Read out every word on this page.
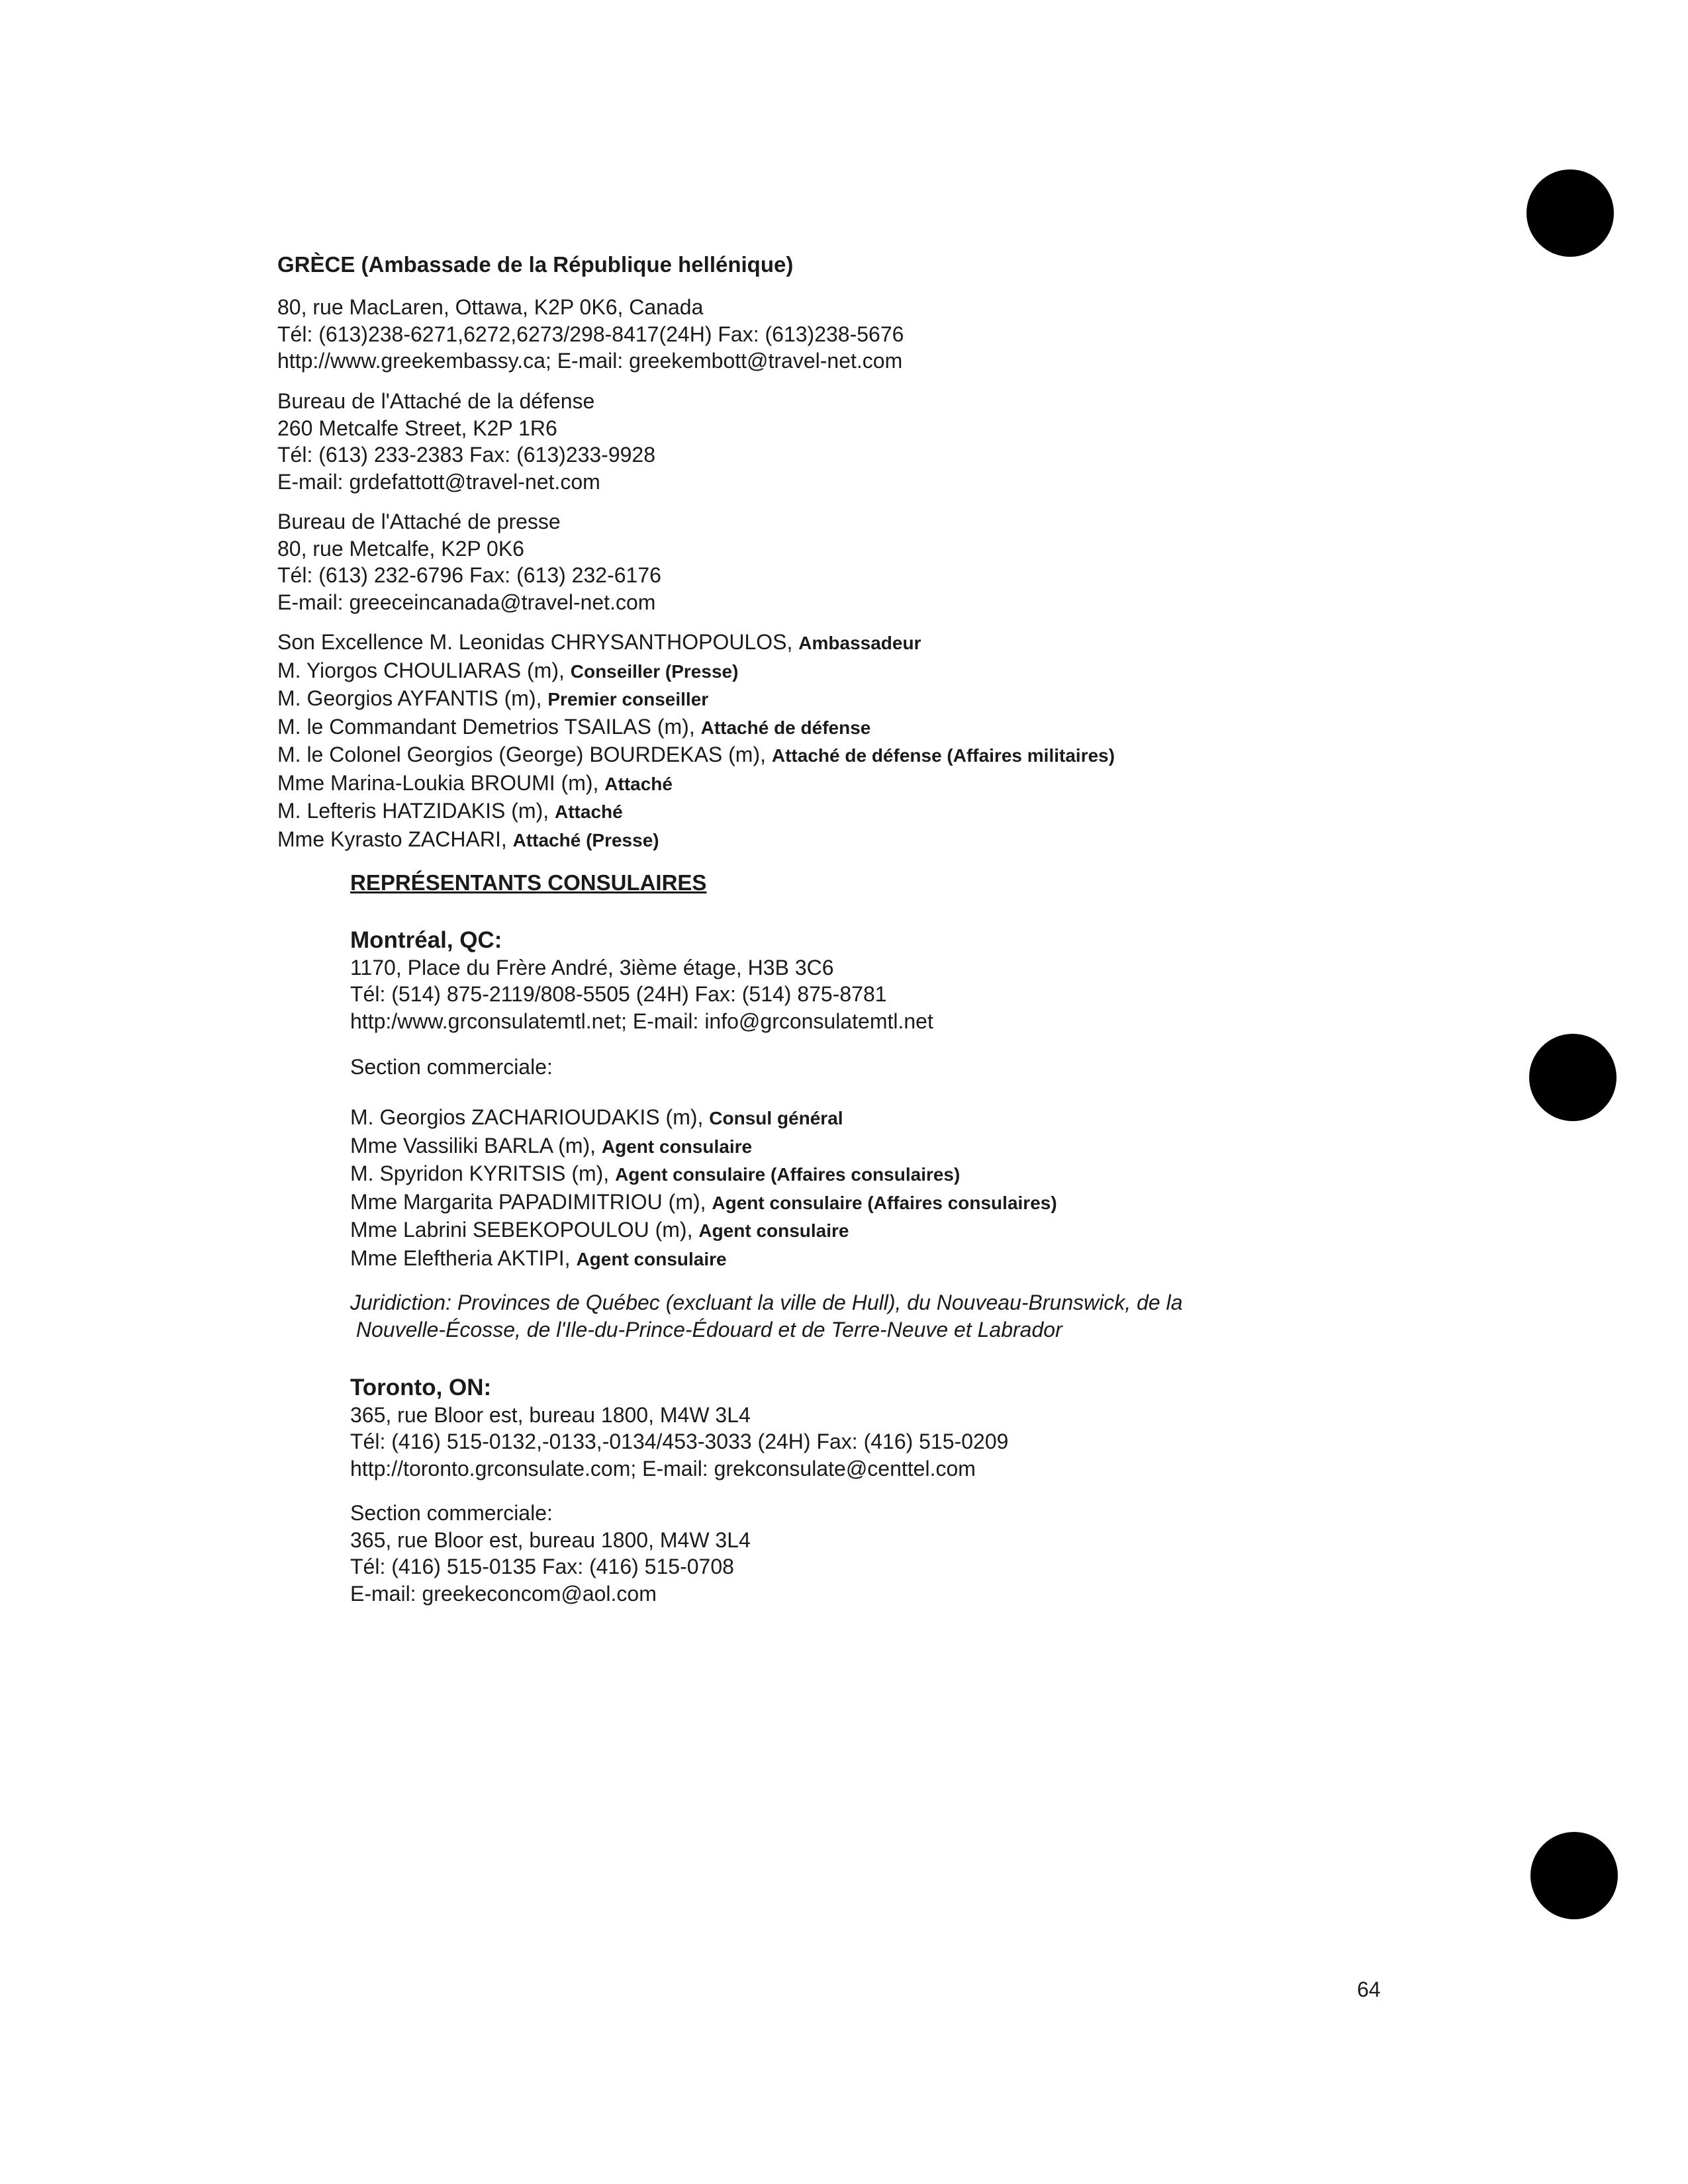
GRÈCE (Ambassade de la République hellénique)
80, rue MacLaren, Ottawa, K2P 0K6, Canada
Tél: (613)238-6271,6272,6273/298-8417(24H) Fax: (613)238-5676
http://www.greekembassy.ca; E-mail: greekembott@travel-net.com
Bureau de l'Attaché de la défense
260 Metcalfe Street, K2P 1R6
Tél: (613) 233-2383 Fax: (613)233-9928
E-mail: grdefattott@travel-net.com
Bureau de l'Attaché de presse
80, rue Metcalfe, K2P 0K6
Tél: (613) 232-6796 Fax: (613) 232-6176
E-mail: greeceincanada@travel-net.com
Son Excellence M. Leonidas CHRYSANTHOPOULOS, Ambassadeur
M. Yiorgos CHOULIARAS (m), Conseiller (Presse)
M. Georgios AYFANTIS (m), Premier conseiller
M. le Commandant Demetrios TSAILAS (m), Attaché de défense
M. le Colonel Georgios (George) BOURDEKAS (m), Attaché de défense (Affaires militaires)
Mme Marina-Loukia BROUMI (m), Attaché
M. Lefteris HATZIDAKIS (m), Attaché
Mme Kyrasto ZACHARI, Attaché (Presse)
REPRÉSENTANTS CONSULAIRES
Montréal, QC:
1170, Place du Frère André, 3ième étage, H3B 3C6
Tél: (514) 875-2119/808-5505 (24H) Fax: (514) 875-8781
http:/www.grconsulatemtl.net; E-mail: info@grconsulatemtl.net
Section commerciale:
M. Georgios ZACHARIOUDAKIS (m), Consul général
Mme Vassiliki BARLA (m), Agent consulaire
M. Spyridon KYRITSIS (m), Agent consulaire (Affaires consulaires)
Mme Margarita PAPADIMITRIOU (m), Agent consulaire (Affaires consulaires)
Mme Labrini SEBEKOPOULOU (m), Agent consulaire
Mme Eleftheria AKTIPI, Agent consulaire
Juridiction: Provinces de Québec (excluant la ville de Hull), du Nouveau-Brunswick, de la
Nouvelle-Écosse, de l'Ile-du-Prince-Édouard et de Terre-Neuve et Labrador
Toronto, ON:
365, rue Bloor est, bureau 1800, M4W 3L4
Tél: (416) 515-0132,-0133,-0134/453-3033 (24H) Fax: (416) 515-0209
http://toronto.grconsulate.com; E-mail: grekconsulate@centtel.com
Section commerciale:
365, rue Bloor est, bureau 1800, M4W 3L4
Tél: (416) 515-0135 Fax: (416) 515-0708
E-mail: greekeconcom@aol.com
64
